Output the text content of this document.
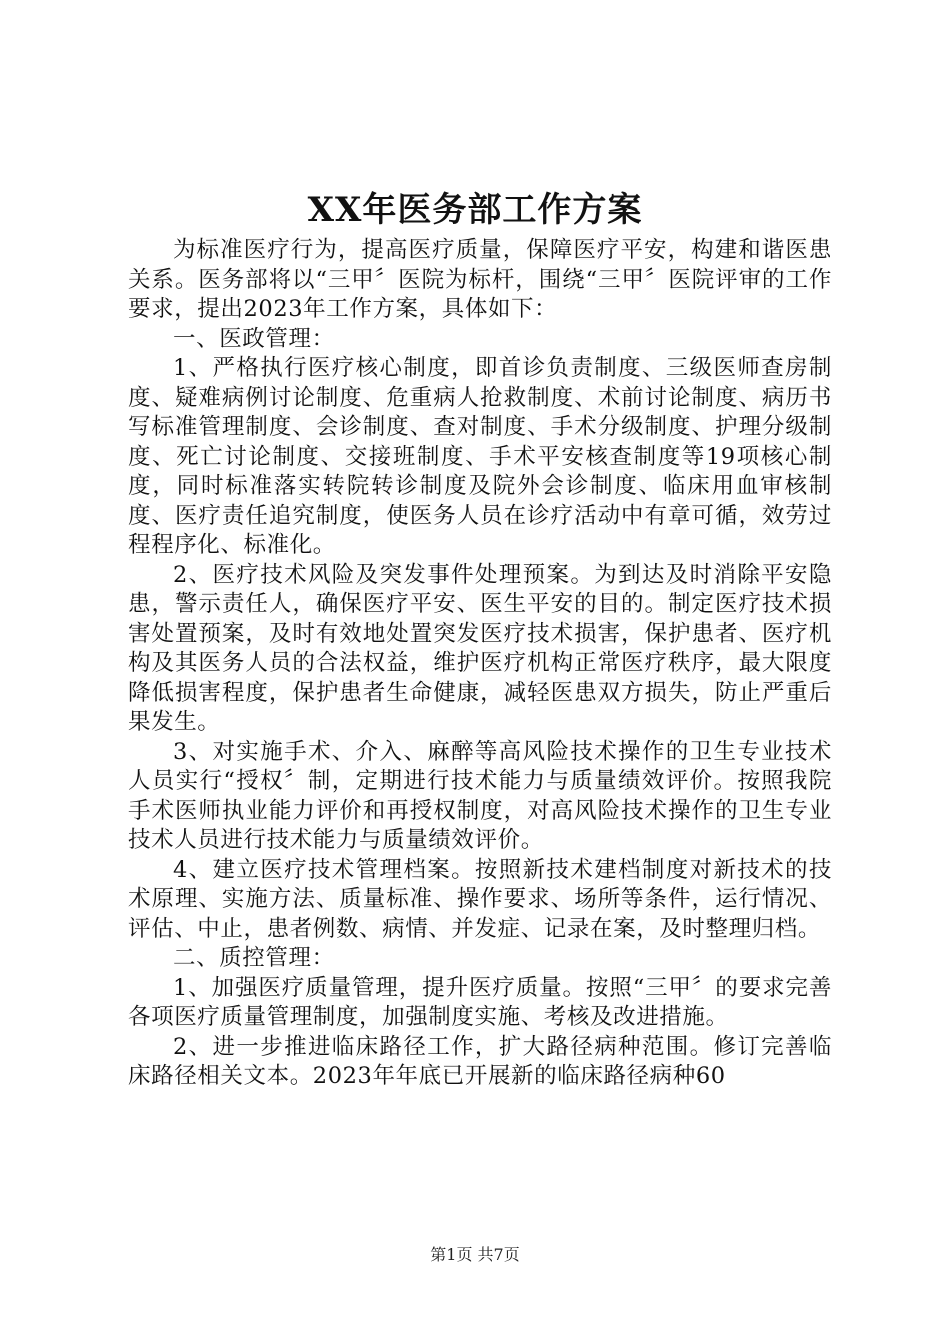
XX年医务部工作方案

为标准医疗行为，提高医疗质量，保障医疗平安，构建和谐医患关系。医务部将以“三甲〞医院为标杆，围绕“三甲〞医院评审的工作要求，提出2023年工作方案，具体如下：

一、医政管理：

1、严格执行医疗核心制度，即首诊负责制度、三级医师查房制度、疑难病例讨论制度、危重病人抢救制度、术前讨论制度、病历书写标准管理制度、会诊制度、查对制度、手术分级制度、护理分级制度、死亡讨论制度、交接班制度、手术平安核查制度等19项核心制度，同时标准落实转院转诊制度及院外会诊制度、临床用血审核制度、医疗责任追究制度，使医务人员在诊疗活动中有章可循，效劳过程程序化、标准化。

2、医疗技术风险及突发事件处理预案。为到达及时消除平安隐患，警示责任人，确保医疗平安、医生平安的目的。制定医疗技术损害处置预案，及时有效地处置突发医疗技术损害，保护患者、医疗机构及其医务人员的合法权益，维护医疗机构正常医疗秩序，最大限度降低损害程度，保护患者生命健康，减轻医患双方损失，防止严重后果发生。

3、对实施手术、介入、麻醉等高风险技术操作的卫生专业技术人员实行“授权〞制，定期进行技术能力与质量绩效评价。按照我院手术医师执业能力评价和再授权制度，对高风险技术操作的卫生专业技术人员进行技术能力与质量绩效评价。

4、建立医疗技术管理档案。按照新技术建档制度对新技术的技术原理、实施方法、质量标准、操作要求、场所等条件，运行情况、评估、中止，患者例数、病情、并发症、记录在案，及时整理归档。

二、质控管理：

1、加强医疗质量管理，提升医疗质量。按照“三甲〞的要求完善各项医疗质量管理制度，加强制度实施、考核及改进措施。

2、进一步推进临床路径工作，扩大路径病种范围。修订完善临床路径相关文本。2023年年底已开展新的临床路径病种60

第1页 共7页
